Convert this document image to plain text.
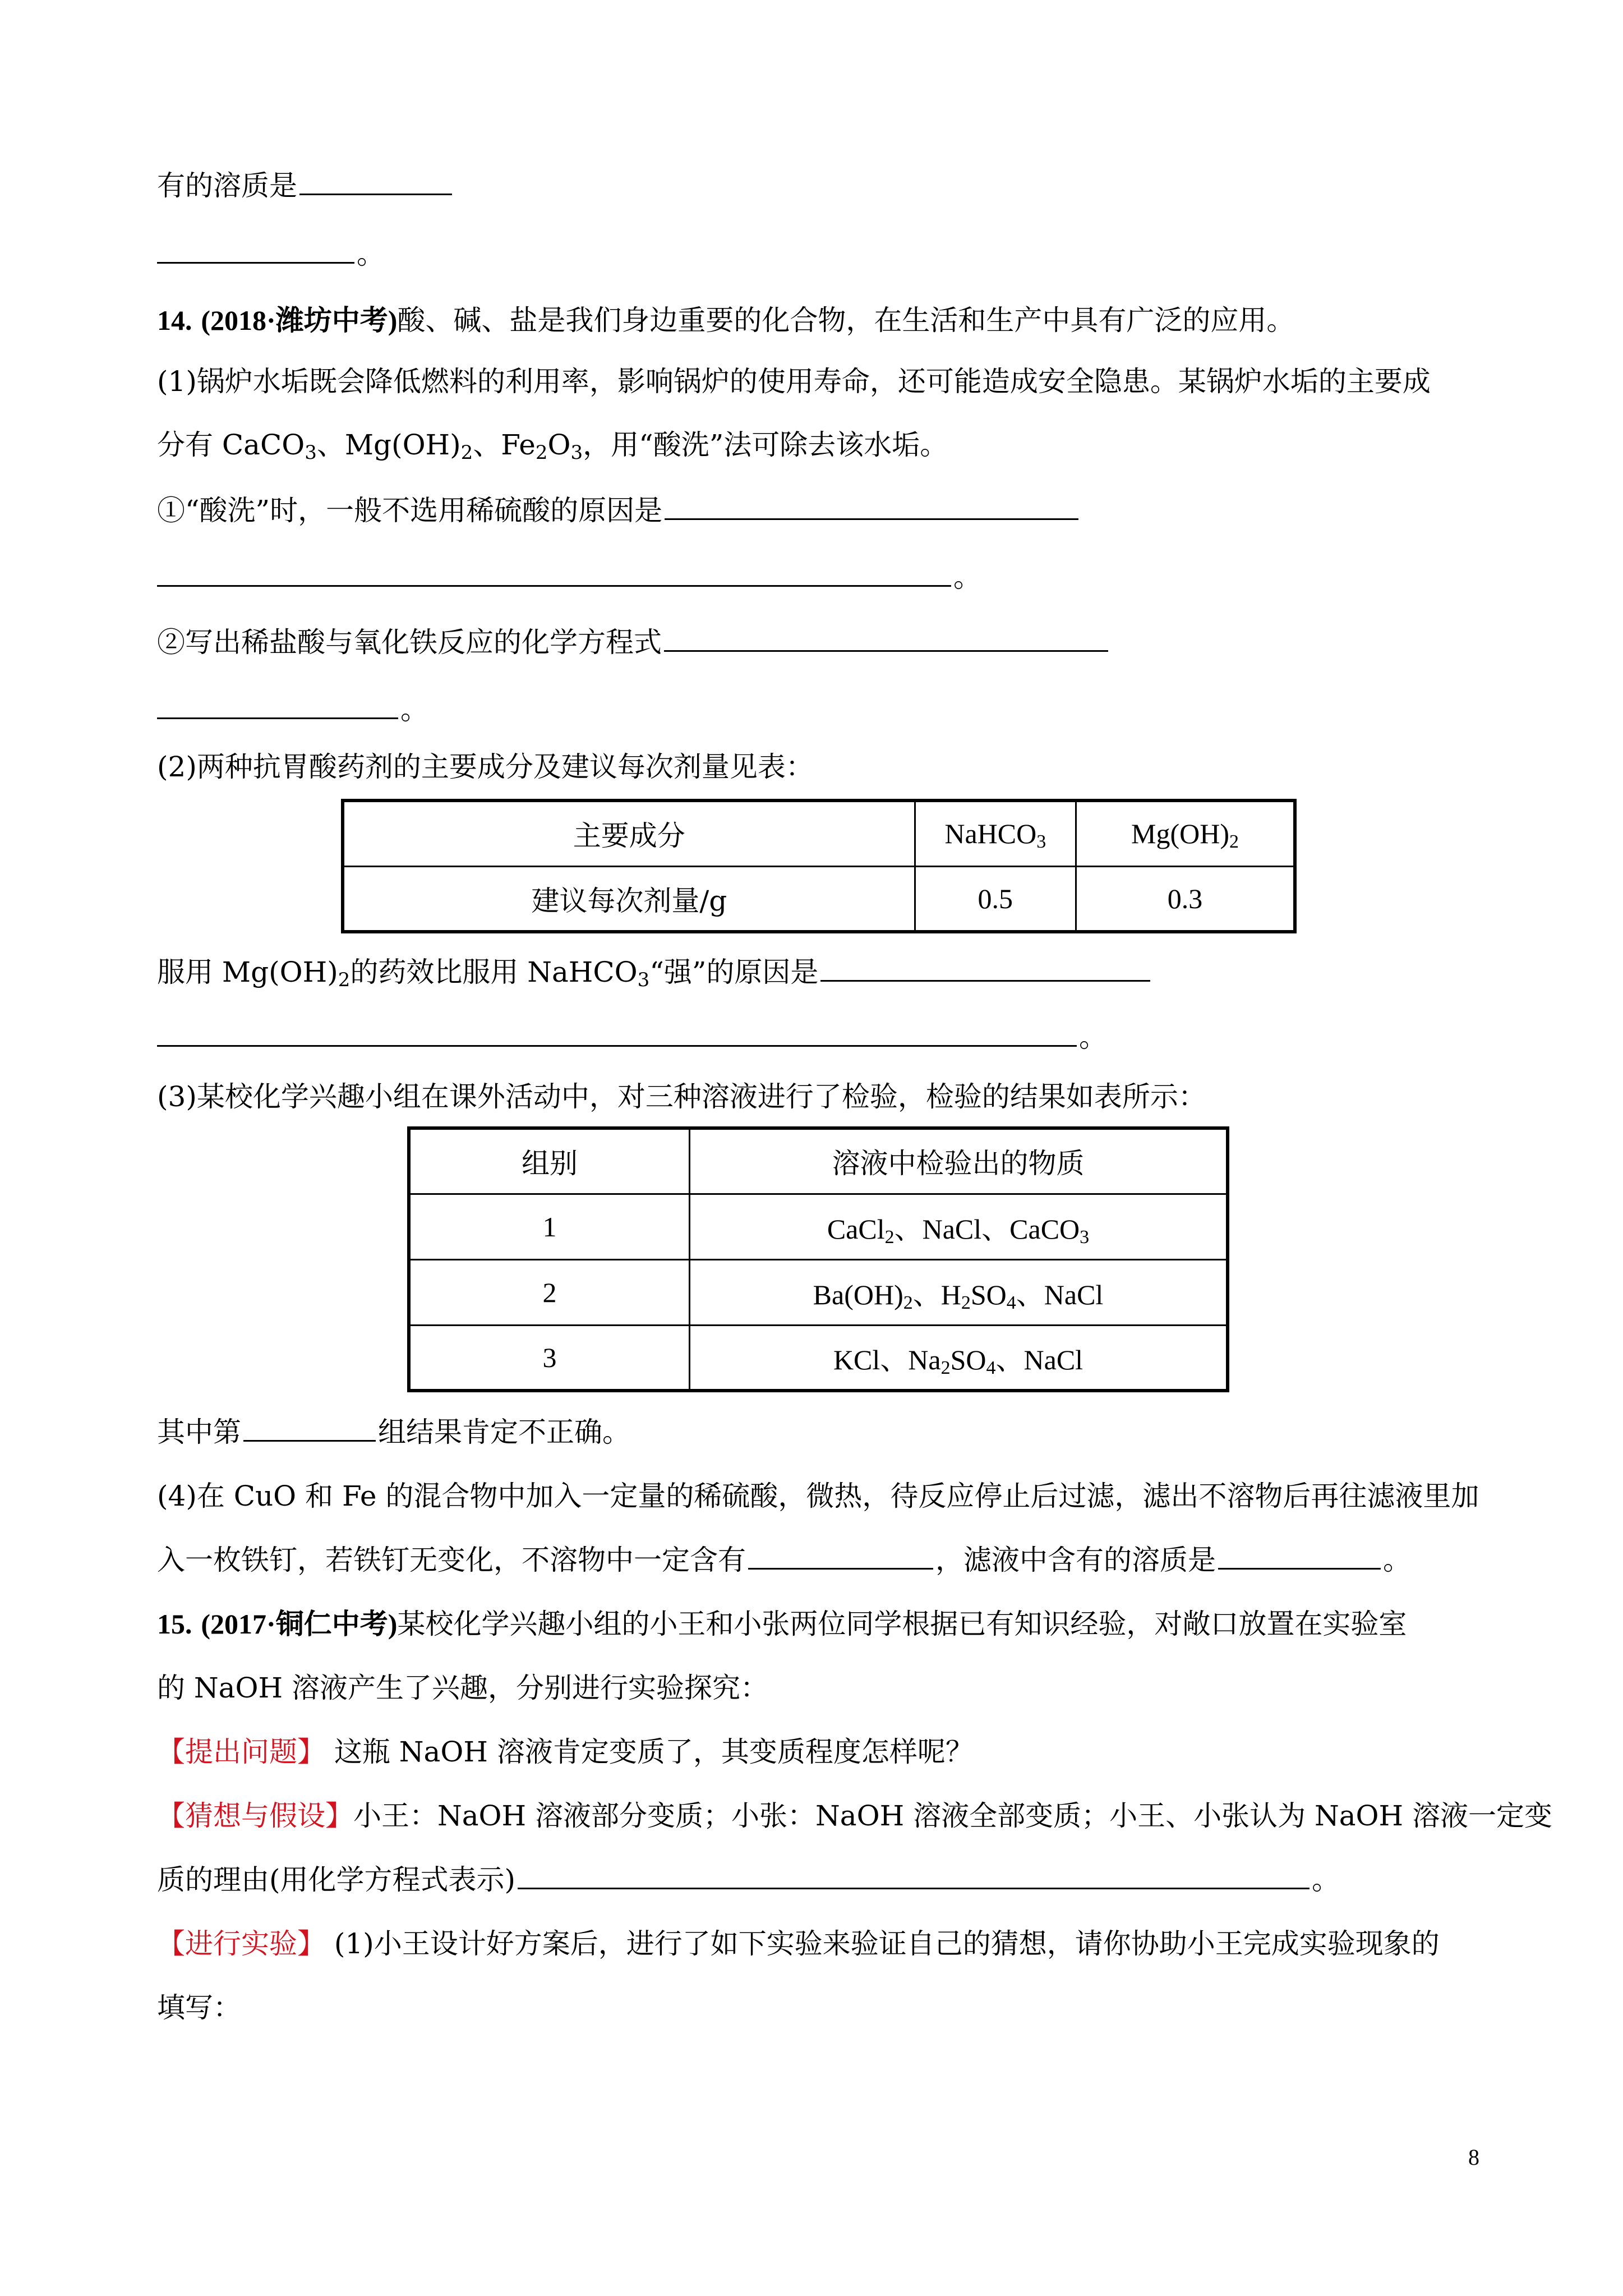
有的溶质是
。
14. (2018·潍坊中考)酸、碱、盐是我们身边重要的化合物，在生活和生产中具有广泛的应用。
(1)锅炉水垢既会降低燃料的利用率，影响锅炉的使用寿命，还可能造成安全隐患。某锅炉水垢的主要成
分有 CaCO$_3$、$Mg(OH)_2$、$Fe_2O_3$，用“酸洗”法可除去该水垢。
①“酸洗”时，一般不选用稀硫酸的原因是
。
②写出稀盐酸与氧化铁反应的化学方程式
。
(2)两种抗胃酸药剂的主要成分及建议每次剂量见表：
主要成分	NaHCO$_3$	$Mg(OH)_2$
建议每次剂量/g	0.5	0.3
服用 $Mg(OH)_2$的药效比服用 NaHCO$_3$“强”的原因是
。
(3)某校化学兴趣小组在课外活动中，对三种溶液进行了检验，检验的结果如表所示：
组别	溶液中检验出的物质
1	CaCl$_2$、NaCl、CaCO$_3$
2	$Ba(OH)_2$、$H_2SO_4$、NaCl
3	KCl、$Na_2SO_4$、NaCl
其中第	组结果肯定不正确。
(4)在 CuO 和 Fe 的混合物中加入一定量的稀硫酸，微热，待反应停止后过滤，滤出不溶物后再往滤液里加
入一枚铁钉，若铁钉无变化，不溶物中一定含有	，滤液中含有的溶质是	。
15. (2017·铜仁中考)某校化学兴趣小组的小王和小张两位同学根据已有知识经验，对敞口放置在实验室
的 NaOH 溶液产生了兴趣，分别进行实验探究：
【提出问题】 这瓶 NaOH 溶液肯定变质了，其变质程度怎样呢？
【猜想与假设】小王：NaOH 溶液部分变质；小张：NaOH 溶液全部变质；小王、小张认为 NaOH 溶液一定变
质的理由(用化学方程式表示)	。
【进行实验】 (1)小王设计好方案后，进行了如下实验来验证自己的猜想，请你协助小王完成实验现象的
填写：
8
